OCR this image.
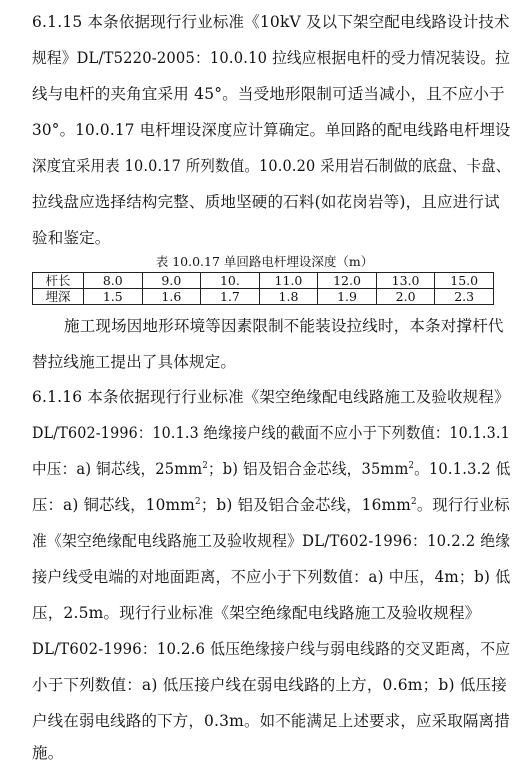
6.1.15 本条依据现行行业标准《10kV 及以下架空配电线路设计技术
规程》DL/T5220-2005：10.0.10 拉线应根据电杆的受力情况装设。拉
线与电杆的夹角宜采用 45°。当受地形限制可适当减小，且不应小于
30°。10.0.17 电杆埋设深度应计算确定。单回路的配电线路电杆埋设
深度宜采用表 10.0.17 所列数值。10.0.20 采用岩石制做的底盘、卡盘、
拉线盘应选择结构完整、质地坚硬的石料(如花岗岩等)，且应进行试
验和鉴定。
表 10.0.17 单回路电杆埋设深度（m）
杆长	8.0	9.0	10.	11.0	12.0	13.0	15.0
埋深	1.5	1.6	1.7	1.8	1.9	2.0	2.3
施工现场因地形环境等因素限制不能装设拉线时，本条对撑杆代
替拉线施工提出了具体规定。
6.1.16 本条依据现行行业标准《架空绝缘配电线路施工及验收规程》
DL/T602-1996：10.1.3 绝缘接户线的截面不应小于下列数值：10.1.3.1
中压：a) 铜芯线，$25mm^2$；b) 铝及铝合金芯线，$35mm^2$。10.1.3.2 低
压：a) 铜芯线，$10mm^2$；b) 铝及铝合金芯线，$16mm^2$。现行行业标
准《架空绝缘配电线路施工及验收规程》DL/T602-1996：10.2.2 绝缘
接户线受电端的对地面距离，不应小于下列数值：a) 中压，4m；b) 低
压，2.5m。现行行业标准《架空绝缘配电线路施工及验收规程》
DL/T602-1996：10.2.6 低压绝缘接户线与弱电线路的交叉距离，不应
小于下列数值：a) 低压接户线在弱电线路的上方，0.6m；b) 低压接
户线在弱电线路的下方，0.3m。如不能满足上述要求，应采取隔离措
施。
